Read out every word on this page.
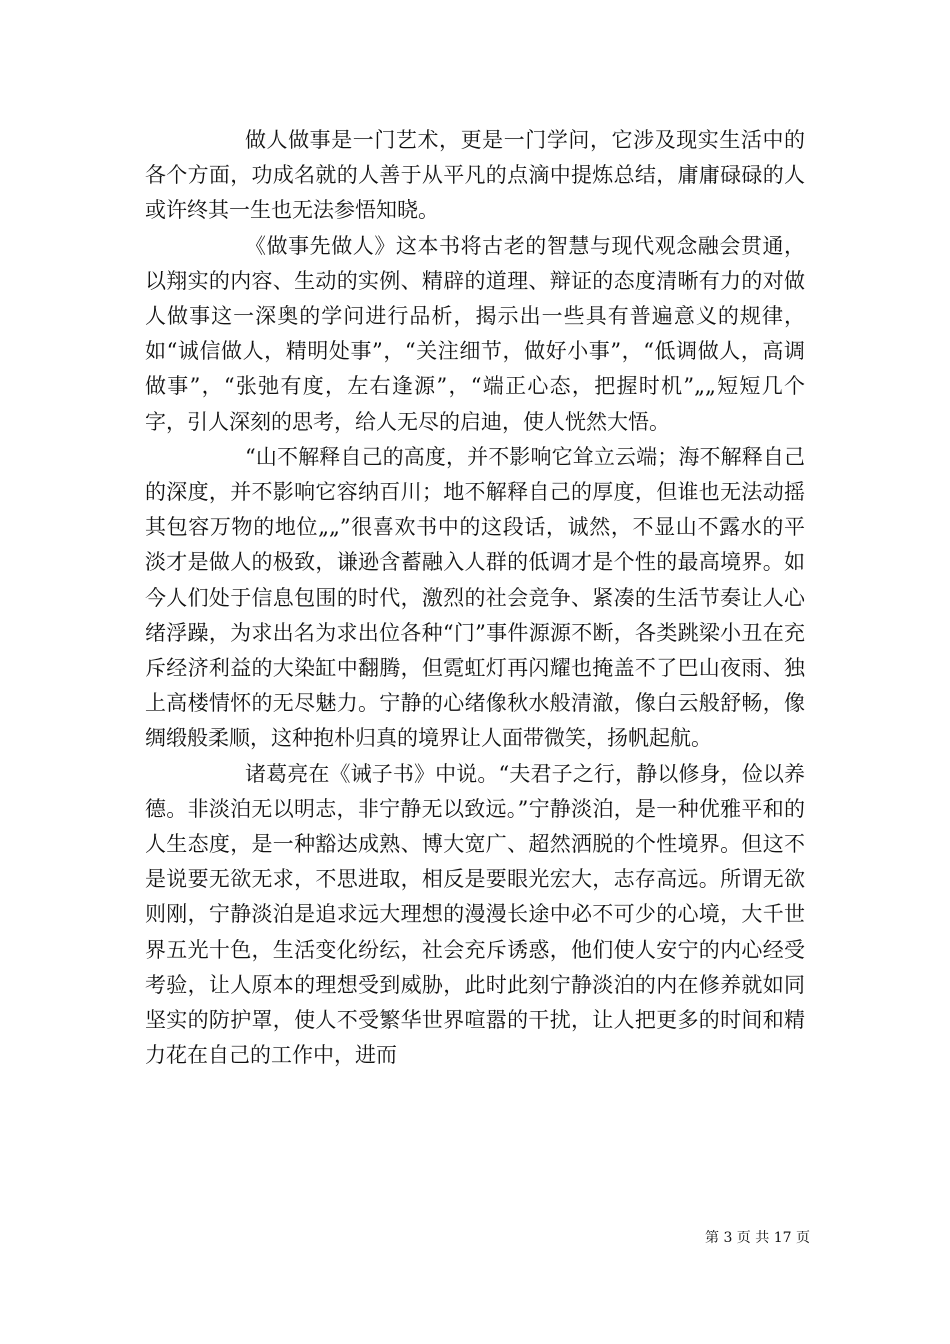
做人做事是一门艺术，更是一门学问，它涉及现实生活中的各个方面，功成名就的人善于从平凡的点滴中提炼总结，庸庸碌碌的人或许终其一生也无法参悟知晓。

《做事先做人》这本书将古老的智慧与现代观念融会贯通，以翔实的内容、生动的实例、精辟的道理、辩证的态度清晰有力的对做人做事这一深奥的学问进行品析，揭示出一些具有普遍意义的规律，如“诚信做人，精明处事”，“关注细节，做好小事”，“低调做人，高调做事”，“张弛有度，左右逢源”，“端正心态，把握时机”„„短短几个字，引人深刻的思考，给人无尽的启迪，使人恍然大悟。

“山不解释自己的高度，并不影响它耸立云端；海不解释自己的深度，并不影响它容纳百川；地不解释自己的厚度，但谁也无法动摇其包容万物的地位„„”很喜欢书中的这段话，诚然，不显山不露水的平淡才是做人的极致，谦逊含蓄融入人群的低调才是个性的最高境界。如今人们处于信息包围的时代，激烈的社会竞争、紧凑的生活节奏让人心绪浮躁，为求出名为求出位各种“门”事件源源不断，各类跳梁小丑在充斥经济利益的大染缸中翻腾，但霓虹灯再闪耀也掩盖不了巴山夜雨、独上高楼情怀的无尽魅力。宁静的心绪像秋水般清澈，像白云般舒畅，像绸缎般柔顺，这种抱朴归真的境界让人面带微笑，扬帆起航。

诸葛亮在《诫子书》中说。“夫君子之行，静以修身，俭以养德。非淡泊无以明志，非宁静无以致远。”宁静淡泊，是一种优雅平和的人生态度，是一种豁达成熟、博大宽广、超然洒脱的个性境界。但这不是说要无欲无求，不思进取，相反是要眼光宏大，志存高远。所谓无欲则刚，宁静淡泊是追求远大理想的漫漫长途中必不可少的心境，大千世界五光十色，生活变化纷纭，社会充斥诱惑，他们使人安宁的内心经受考验，让人原本的理想受到威胁，此时此刻宁静淡泊的内在修养就如同坚实的防护罩，使人不受繁华世界喧嚣的干扰，让人把更多的时间和精力花在自己的工作中，进而

第 3 页 共 17 页
